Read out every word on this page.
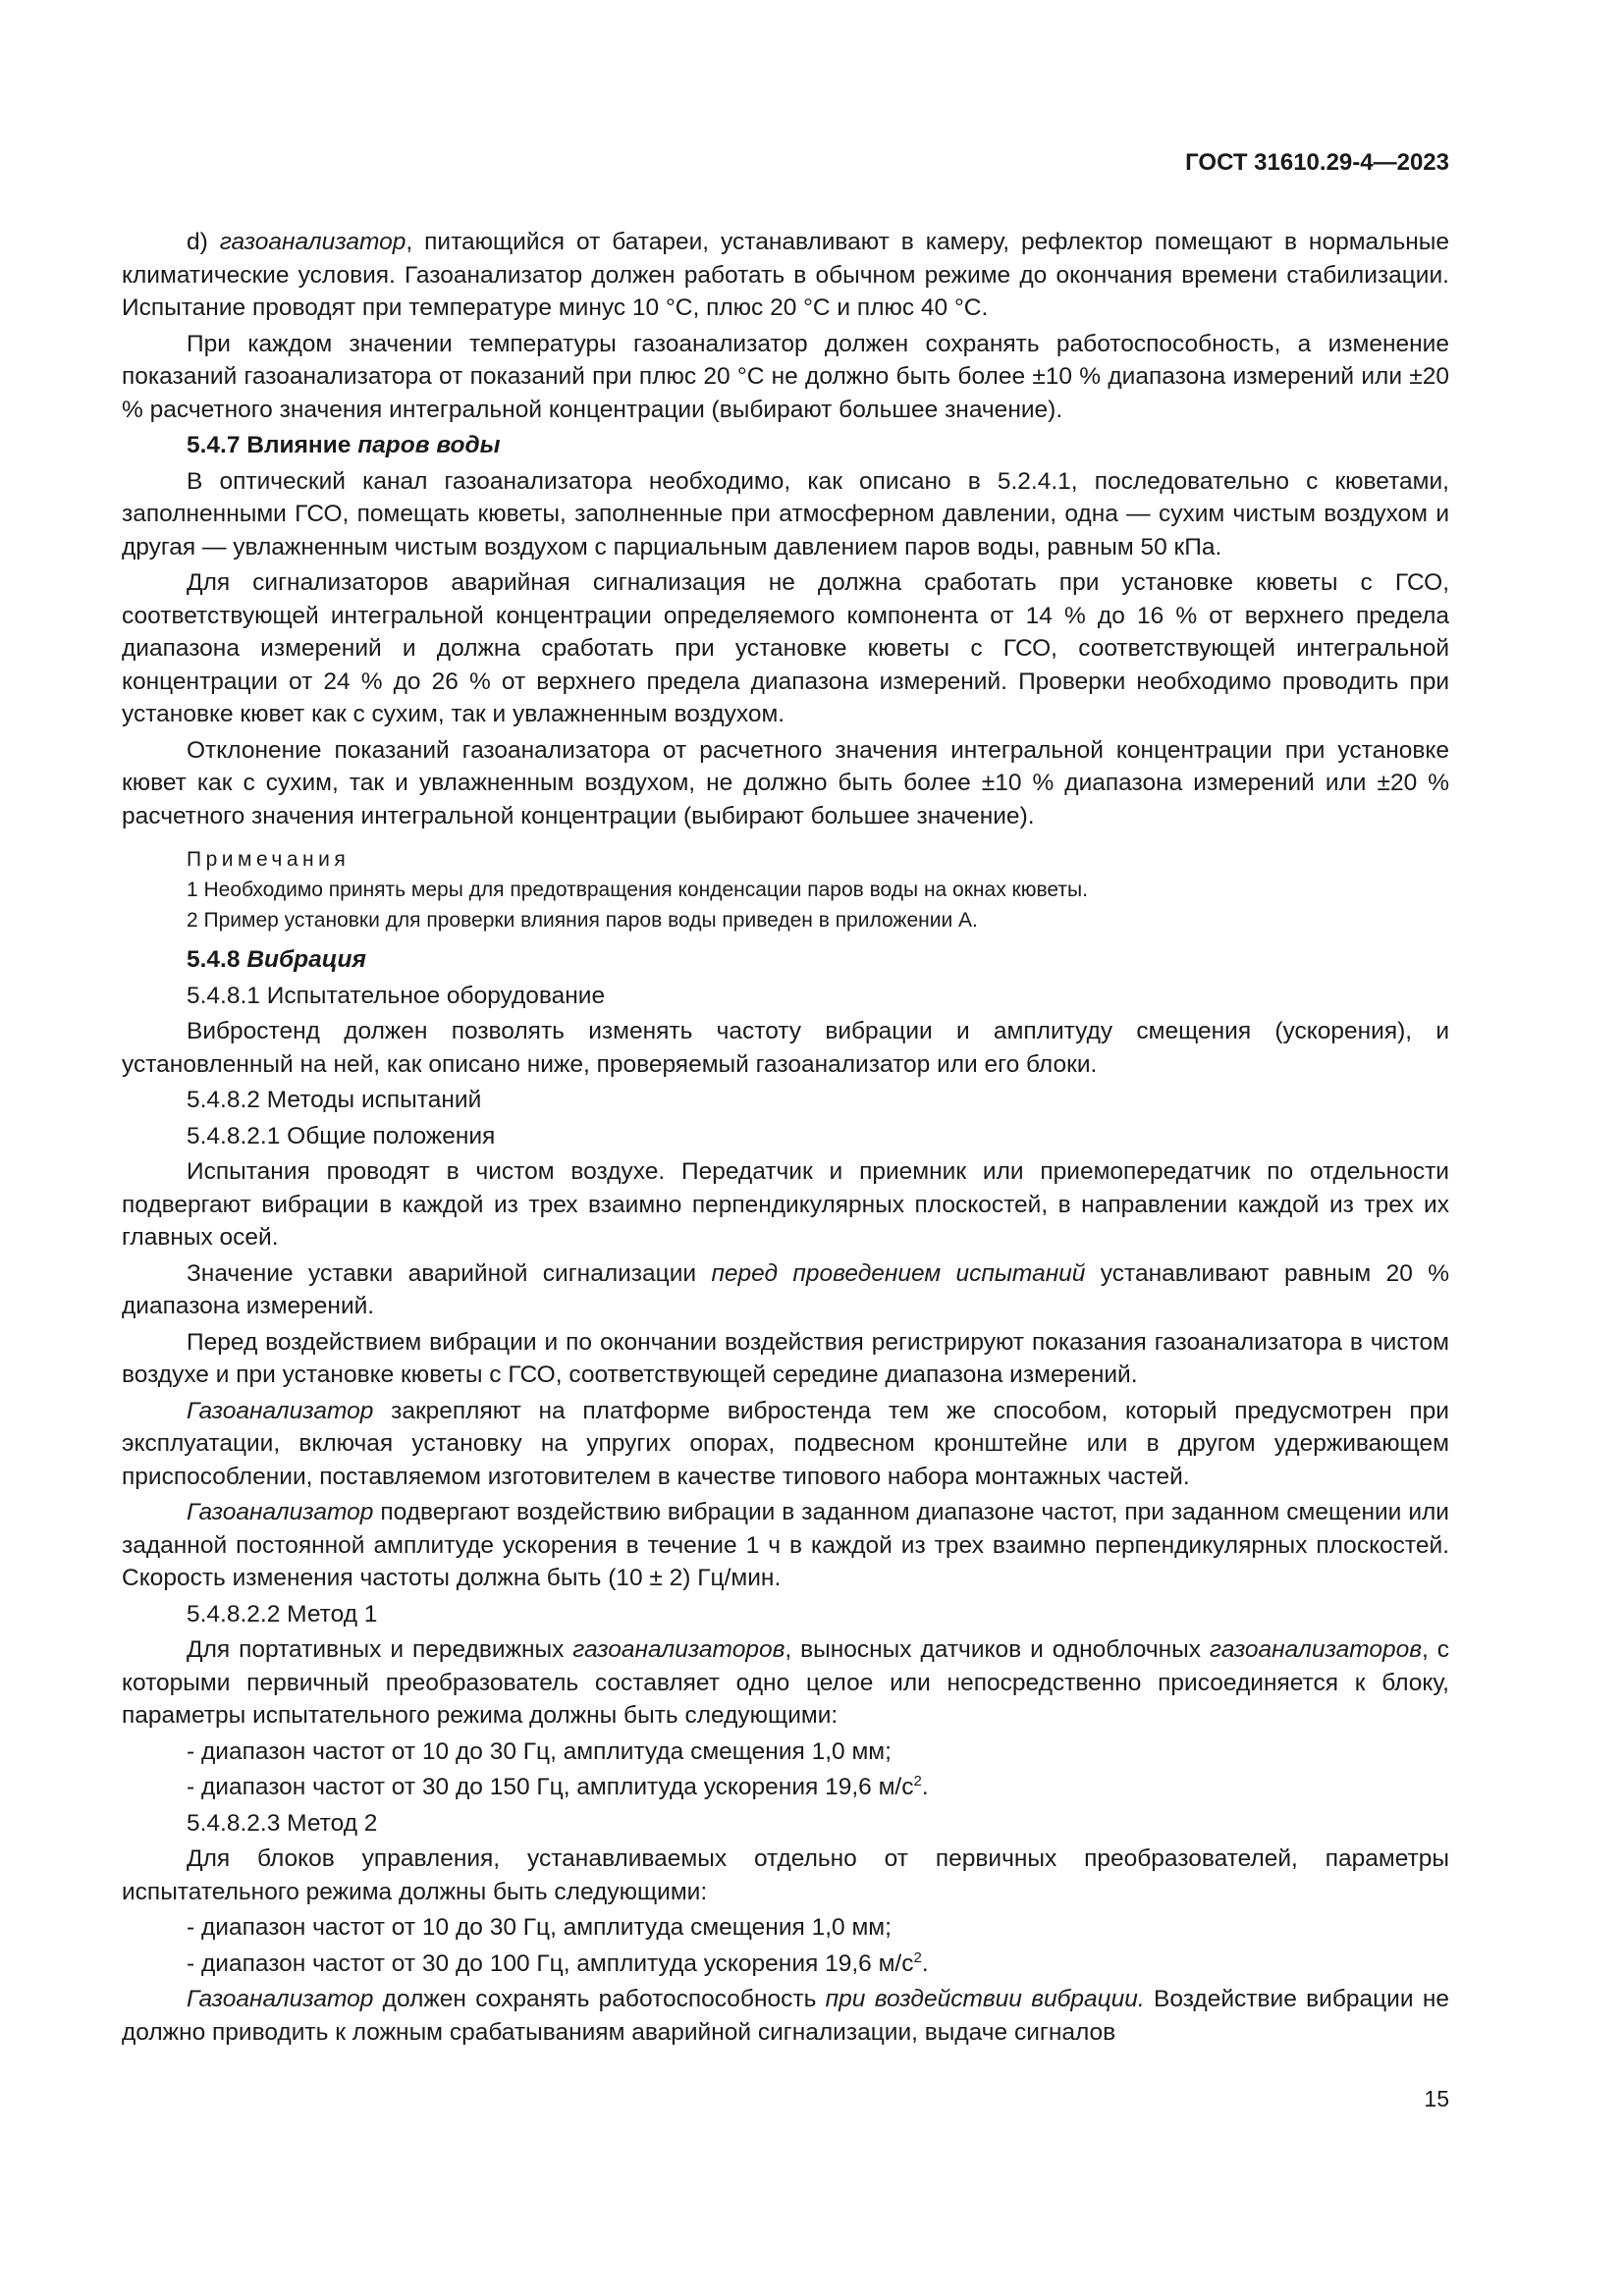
ГОСТ 31610.29-4—2023
d) газоанализатор, питающийся от батареи, устанавливают в камеру, рефлектор помещают в нормальные климатические условия. Газоанализатор должен работать в обычном режиме до окончания времени стабилизации. Испытание проводят при температуре минус 10 °С, плюс 20 °С и плюс 40 °С.
При каждом значении температуры газоанализатор должен сохранять работоспособность, а изменение показаний газоанализатора от показаний при плюс 20 °С не должно быть более ±10 % диапазона измерений или ±20 % расчетного значения интегральной концентрации (выбирают большее значение).
5.4.7 Влияние паров воды
В оптический канал газоанализатора необходимо, как описано в 5.2.4.1, последовательно с кюветами, заполненными ГСО, помещать кюветы, заполненные при атмосферном давлении, одна — сухим чистым воздухом и другая — увлажненным чистым воздухом с парциальным давлением паров воды, равным 50 кПа.
Для сигнализаторов аварийная сигнализация не должна сработать при установке кюветы с ГСО, соответствующей интегральной концентрации определяемого компонента от 14 % до 16 % от верхнего предела диапазона измерений и должна сработать при установке кюветы с ГСО, соответствующей интегральной концентрации от 24 % до 26 % от верхнего предела диапазона измерений. Проверки необходимо проводить при установке кювет как с сухим, так и увлажненным воздухом.
Отклонение показаний газоанализатора от расчетного значения интегральной концентрации при установке кювет как с сухим, так и увлажненным воздухом, не должно быть более ±10 % диапазона измерений или ±20 % расчетного значения интегральной концентрации (выбирают большее значение).
Примечания
1 Необходимо принять меры для предотвращения конденсации паров воды на окнах кюветы.
2 Пример установки для проверки влияния паров воды приведен в приложении А.
5.4.8 Вибрация
5.4.8.1 Испытательное оборудование
Вибростенд должен позволять изменять частоту вибрации и амплитуду смещения (ускорения), и установленный на ней, как описано ниже, проверяемый газоанализатор или его блоки.
5.4.8.2 Методы испытаний
5.4.8.2.1 Общие положения
Испытания проводят в чистом воздухе. Передатчик и приемник или приемопередатчик по отдельности подвергают вибрации в каждой из трех взаимно перпендикулярных плоскостей, в направлении каждой из трех их главных осей.
Значение уставки аварийной сигнализации перед проведением испытаний устанавливают равным 20 % диапазона измерений.
Перед воздействием вибрации и по окончании воздействия регистрируют показания газоанализатора в чистом воздухе и при установке кюветы с ГСО, соответствующей середине диапазона измерений.
Газоанализатор закрепляют на платформе вибростенда тем же способом, который предусмотрен при эксплуатации, включая установку на упругих опорах, подвесном кронштейне или в другом удерживающем приспособлении, поставляемом изготовителем в качестве типового набора монтажных частей.
Газоанализатор подвергают воздействию вибрации в заданном диапазоне частот, при заданном смещении или заданной постоянной амплитуде ускорения в течение 1 ч в каждой из трех взаимно перпендикулярных плоскостей. Скорость изменения частоты должна быть (10 ± 2) Гц/мин.
5.4.8.2.2 Метод 1
Для портативных и передвижных газоанализаторов, выносных датчиков и одноблочных газоанализаторов, с которыми первичный преобразователь составляет одно целое или непосредственно присоединяется к блоку, параметры испытательного режима должны быть следующими:
- диапазон частот от 10 до 30 Гц, амплитуда смещения 1,0 мм;
- диапазон частот от 30 до 150 Гц, амплитуда ускорения 19,6 $м/с^2$.
5.4.8.2.3 Метод 2
Для блоков управления, устанавливаемых отдельно от первичных преобразователей, параметры испытательного режима должны быть следующими:
- диапазон частот от 10 до 30 Гц, амплитуда смещения 1,0 мм;
- диапазон частот от 30 до 100 Гц, амплитуда ускорения 19,6 $м/с^2$.
Газоанализатор должен сохранять работоспособность при воздействии вибрации. Воздействие вибрации не должно приводить к ложным срабатываниям аварийной сигнализации, выдаче сигналов
15
